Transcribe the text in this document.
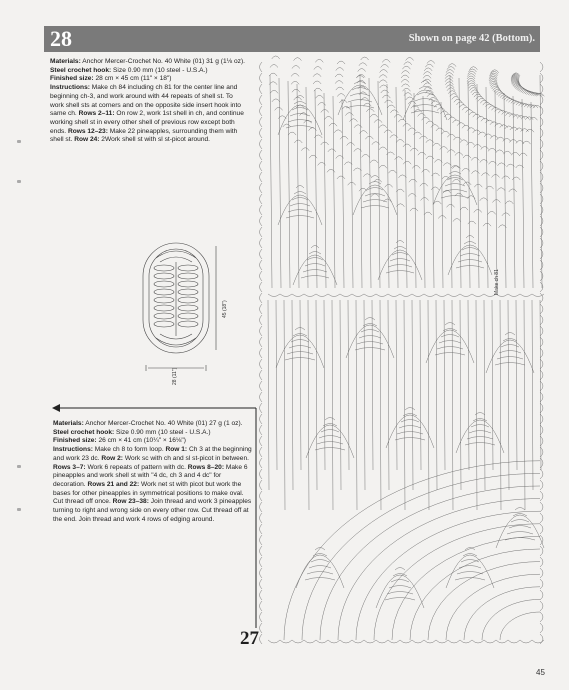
28	Shown on page 42 (Bottom).
Materials: Anchor Mercer-Crochet No. 40 White (01) 31 g (1⅛ oz).
Steel crochet hook: Size 0.90 mm (10 steel - U.S.A.)
Finished size: 28 cm × 45 cm (11" × 18")
Instructions: Make ch 84 including ch 81 for the center line and beginning ch-3, and work around with 44 repeats of shell st. To work shell sts at corners and on the opposite side insert hook into same ch. Rows 2–11: On row 2, work 1st shell in ch, and continue working shell st in every other shell of previous row except both ends. Rows 12–23: Make 22 pineapples, surrounding them with shell st. Row 24: 2Work shell st with sl st-picot around.
Materials: Anchor Mercer-Crochet No. 40 White (01) 27 g (1 oz).
Steel crochet hook: Size 0.90 mm (10 steel - U.S.A.)
Finished size: 26 cm × 41 cm (10¼" × 16⅛")
Instructions: Make ch 8 to form loop. Row 1: Ch 3 at the beginning and work 23 dc. Row 2: Work sc with ch and sl st-picot in between. Rows 3–7: Work 6 repeats of pattern with dc. Rows 8–20: Make 6 pineapples and work shell st with "4 dc, ch 3 and 4 dc" for decoration. Rows 21 and 22: Work net st with picot but work the bases for other pineapples in symmetrical positions to make oval. Cut thread off once. Row 23–38: Join thread and work 3 pineapples turning to right and wrong side on every other row. Cut thread off at the end. Join thread and work 4 rows of edging around.
28 (11")
45 (18")
Make ch 81
27
45
